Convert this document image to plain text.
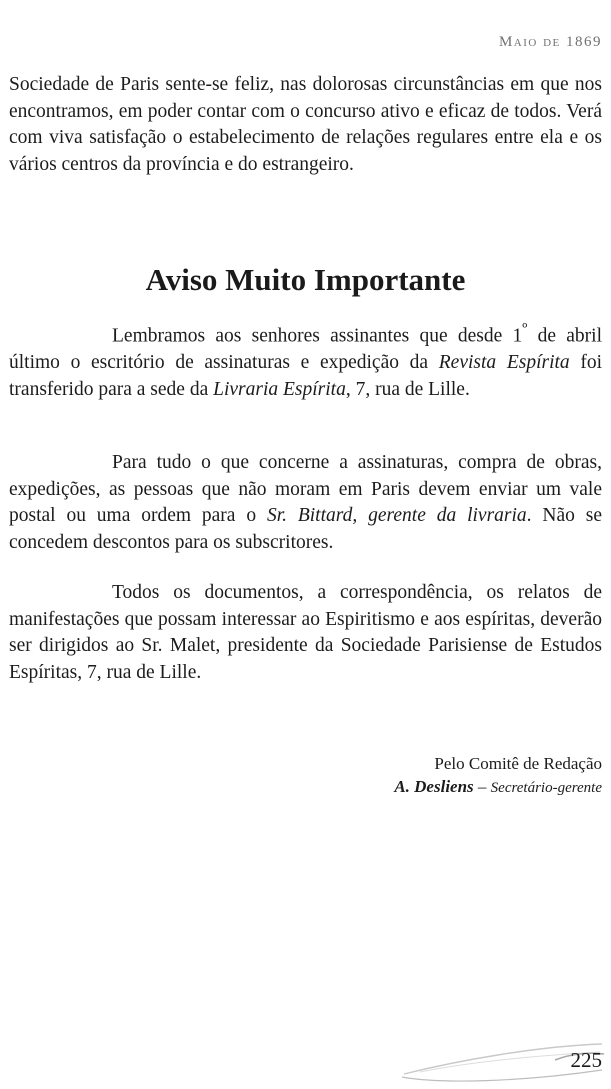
Maio de 1869

Sociedade de Paris sente-se feliz, nas dolorosas circunstâncias em que nos encontramos, em poder contar com o concurso ativo e eficaz de todos. Verá com viva satisfação o estabelecimento de relações regulares entre ela e os vários centros da província e do estrangeiro.

Aviso Muito Importante

Lembramos aos senhores assinantes que desde $1^º$ de abril último o escritório de assinaturas e expedição da Revista Espírita foi transferido para a sede da Livraria Espírita, 7, rua de Lille.

Para tudo o que concerne a assinaturas, compra de obras, expedições, as pessoas que não moram em Paris devem enviar um vale postal ou uma ordem para o Sr. Bittard, gerente da livraria. Não se concedem descontos para os subscritores.

Todos os documentos, a correspondência, os relatos de manifestações que possam interessar ao Espiritismo e aos espíritas, deverão ser dirigidos ao Sr. Malet, presidente da Sociedade Parisiense de Estudos Espíritas, 7, rua de Lille.

Pelo Comitê de Redação
A. Desliens – Secretário-gerente
225
